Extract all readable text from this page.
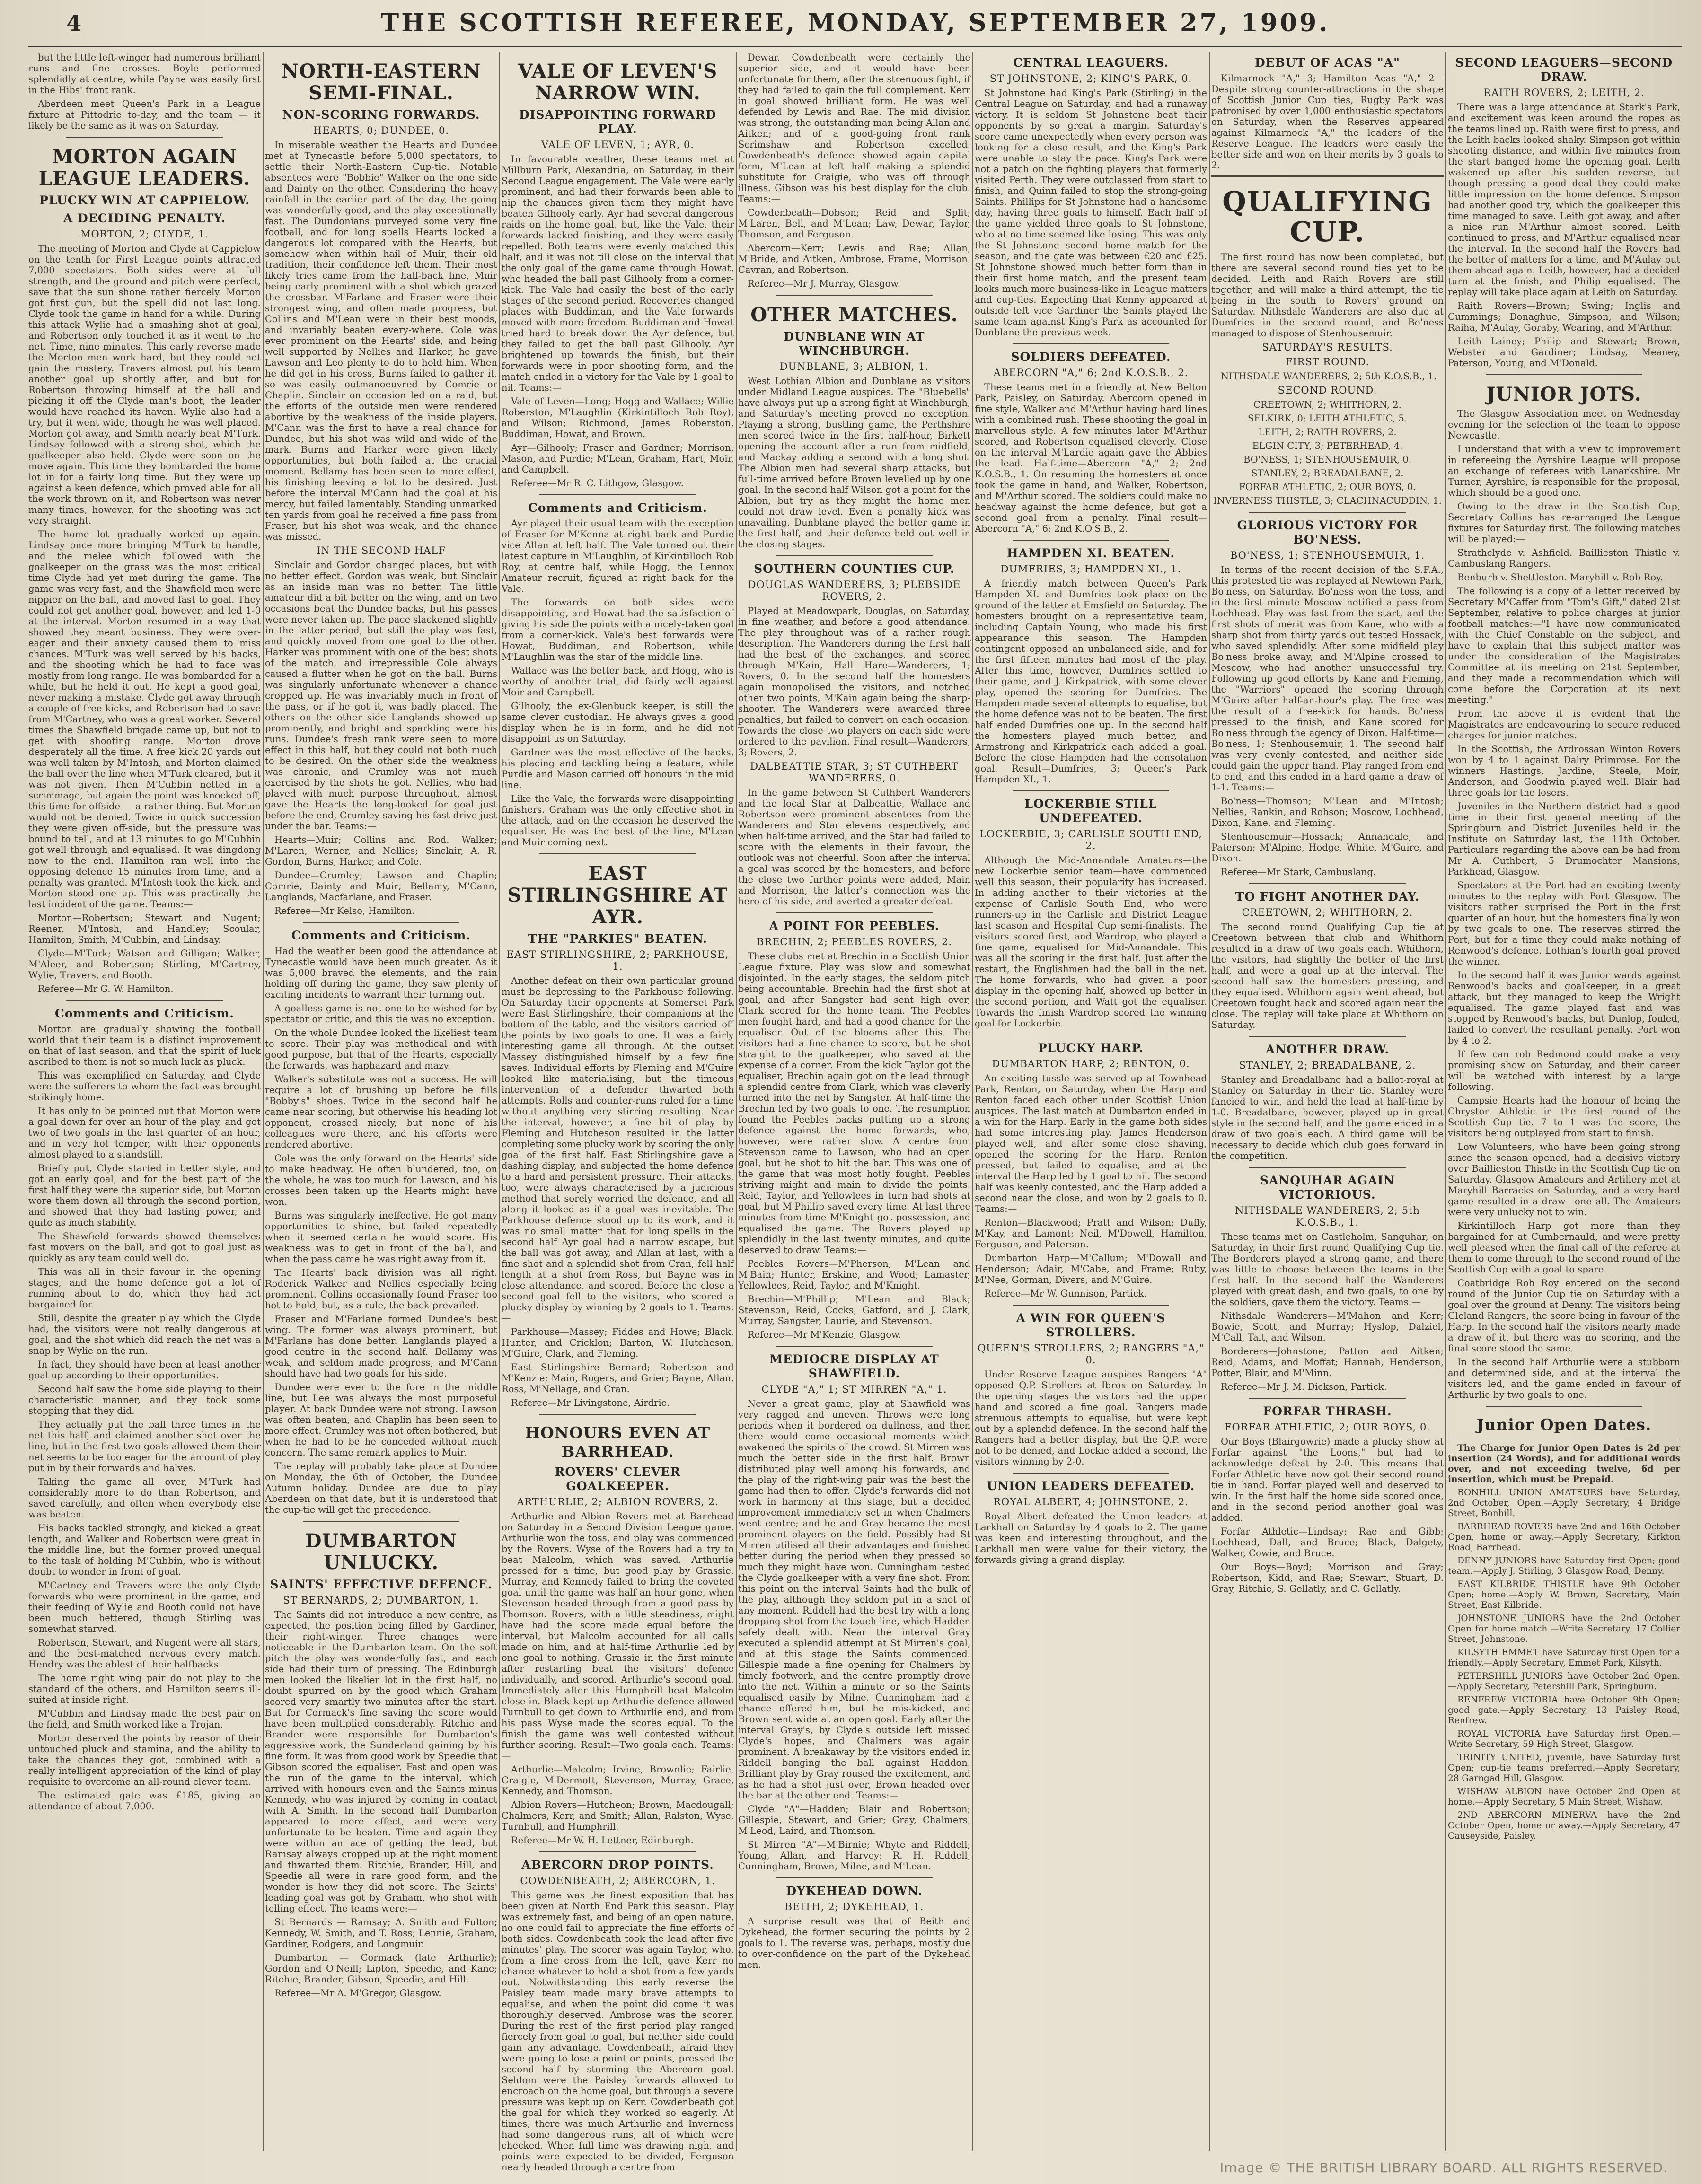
4	THE SCOTTISH REFEREE, MONDAY, SEPTEMBER 27, 1909.

but the little left-winger had numerous brilliant runs and fine crosses. Boyle performed splendidly at centre, while Payne was easily first in the Hibs' front rank.

Aberdeen meet Queen's Park in a League fixture at Pittodrie to-day, and the team — it likely be the same as it was on Saturday.

MORTON AGAIN LEAGUE LEADERS.
PLUCKY WIN AT CAPPIELOW.
A DECIDING PENALTY.
MORTON, 2; CLYDE, 1.

The meeting of Morton and Clyde at Cappielow on the tenth for First League points attracted 7,000 spectators. Both sides were at full strength, and the ground and pitch were perfect, save that the sun shone rather fiercely. Morton got first gun, but the spell did not last long. Clyde took the game in hand for a while. During this attack Wylie had a smashing shot at goal, and Robertson only touched it as it went to the net. Time, nine minutes. This early reverse made the Morton men work hard, but they could not gain the mastery. Travers almost put his team another goal up shortly after, and but for Robertson throwing himself at the ball and picking it off the Clyde man's boot, the leader would have reached its haven. Wylie also had a try, but it went wide, though he was well placed. Morton got away, and Smith nearly beat M'Turk. Lindsay followed with a strong shot, which the goalkeeper also held. Clyde were soon on the move again. This time they bombarded the home lot in for a fairly long time. But they were up against a keen defence, which proved able for all the work thrown on it, and Robertson was never many times, however, for the shooting was not very straight.

The home lot gradually worked up again. Lindsay once more bringing M'Turk to handle, and the melee which followed with the goalkeeper on the grass was the most critical time Clyde had yet met during the game. The game was very fast, and the Shawfield men were nippier on the ball, and moved fast to goal. They could not get another goal, however, and led 1-0 at the interval. Morton resumed in a way that showed they meant business. They were over-eager and their anxiety caused them to miss chances. M'Turk was well served by his backs, and the shooting which he had to face was mostly from long range. He was bombarded for a while, but he held it out. He kept a good goal, never making a mistake. Clyde got away through a couple of free kicks, and Robertson had to save from M'Cartney, who was a great worker. Several times the Shawfield brigade came up, but not to get with shooting range. Morton drove desperately all the time. A free kick 20 yards out was well taken by M'Intosh, and Morton claimed the ball over the line when M'Turk cleared, but it was not given. Then M'Cubbin netted in a scrimmage, but again the point was knocked off, this time for offside — a rather thing. But Morton would not be denied. Twice in quick succession they were given off-side, but the pressure was bound to tell, and at 13 minutes to go M'Cubbin got well through and equalised. It was dingdong now to the end. Hamilton ran well into the opposing defence 15 minutes from time, and a penalty was granted. M'Intosh took the kick, and Morton stood one up. This was practically the last incident of the game. Teams:—

Morton—Robertson; Stewart and Nugent; Reener, M'Intosh, and Handley; Scoular, Hamilton, Smith, M'Cubbin, and Lindsay.

Clyde—M'Turk; Watson and Gilligan; Walker, M'Aleer, and Robertson; Stirling, M'Cartney, Wylie, Travers, and Booth.

Referee—Mr G. W. Hamilton.

Comments and Criticism.

Morton are gradually showing the football world that their team is a distinct improvement on that of last season, and that the spirit of luck ascribed to them is not so much luck as pluck.

This was exemplified on Saturday, and Clyde were the sufferers to whom the fact was brought strikingly home.

It has only to be pointed out that Morton were a goal down for over an hour of the play, and got two of two goals in the last quarter of an hour, and in very hot temper, with their opponents almost played to a standstill.

Briefly put, Clyde started in better style, and got an early goal, and for the best part of the first half they were the superior side, but Morton wore them down all through the second portion, and showed that they had lasting power, and quite as much stability.

The Shawfield forwards showed themselves fast movers on the ball, and got to goal just as quickly as any team could well do.

This was all in their favour in the opening stages, and the home defence got a lot of running about to do, which they had not bargained for.

Still, despite the greater play which the Clyde had, the visitors were not really dangerous at goal, and the shot which did reach the net was a snap by Wylie on the run.

In fact, they should have been at least another goal up according to their opportunities.

Second half saw the home side playing to their characteristic manner, and they took some stopping that they did.

They actually put the ball three times in the net this half, and claimed another shot over the line, but in the first two goals allowed them their net seems to be too eager for the amount of play put in by their forwards and halves.

Taking the game all over, M'Turk had considerably more to do than Robertson, and saved carefully, and often when everybody else was beaten.

His backs tackled strongly, and kicked a great length, and Walker and Robertson were great in the middle line, but the former proved unequal to the task of holding M'Cubbin, who is without doubt to wonder in front of goal.

M'Cartney and Travers were the only Clyde forwards who were prominent in the game, and their feeding of Wylie and Booth could not have been much bettered, though Stirling was somewhat starved.

Robertson, Stewart, and Nugent were all stars, and the best-matched nervous every match. Hendry was the ablest of their halfbacks.

The home right wing pair do not play to the standard of the others, and Hamilton seems ill-suited at inside right.

M'Cubbin and Lindsay made the best pair on the field, and Smith worked like a Trojan.

Morton deserved the points by reason of their untouched pluck and stamina, and the ability to take the chances they got, combined with a really intelligent appreciation of the kind of play requisite to overcome an all-round clever team.

The estimated gate was £185, giving an attendance of about 7,000.

NORTH-EASTERN SEMI-FINAL.
NON-SCORING FORWARDS.
HEARTS, 0; DUNDEE, 0.

In miserable weather the Hearts and Dundee met at Tynecastle before 5,000 spectators, to settle their North-Eastern Cup-tie. Notable absentees were "Bobbie" Walker on the one side and Dainty on the other. Considering the heavy rainfall in the earlier part of the day, the going was wonderfully good, and the play exceptionally fast. The Dundonians purveyed some very fine football, and for long spells Hearts looked a dangerous lot compared with the Hearts, but somehow when within hail of Muir, their old tradition, their confidence left them. Their most likely tries came from the half-back line, Muir being early prominent with a shot which grazed the crossbar. M'Farlane and Fraser were their strongest wing, and often made progress, but Collins and M'Lean were in their best moods, and invariably beaten every-where. Cole was ever prominent on the Hearts' side, and being well supported by Nellies and Harker, he gave Lawson and Leo plenty to do to hold him. When he did get in his cross, Burns failed to gather it, so was easily outmanoeuvred by Comrie or Chaplin. Sinclair on occasion led on a raid, but the efforts of the outside men were rendered abortive by the weakness of the inside players. M'Cann was the first to have a real chance for Dundee, but his shot was wild and wide of the mark. Burns and Harker were given likely opportunities, but both failed at the crucial moment. Bellamy has been seen to more effect, his finishing leaving a lot to be desired. Just before the interval M'Cann had the goal at his mercy, but failed lamentably. Standing unmarked ten yards from goal he received a fine pass from Fraser, but his shot was weak, and the chance was missed.

IN THE SECOND HALF

Sinclair and Gordon changed places, but with no better effect. Gordon was weak, but Sinclair as an inside man was no better. The little amateur did a bit better on the wing, and on two occasions beat the Dundee backs, but his passes were never taken up. The pace slackened slightly in the latter period, but still the play was fast, and quickly moved from one goal to the other. Harker was prominent with one of the best shots of the match, and irrepressible Cole always caused a flutter when he got on the ball. Burns was singularly unfortunate whenever a chance cropped up. He was invariably much in front of the pass, or if he got it, was badly placed. The others on the other side Langlands showed up prominently, and bright and sparkling were his runs. Dundee's fresh rank were seen to more effect in this half, but they could not both much to be desired. On the other side the weakness was chronic, and Crumley was not much exercised by the shots he got. Nellies, who had played with much purpose throughout, almost gave the Hearts the long-looked for goal just before the end, Crumley saving his fast drive just under the bar. Teams:—

Hearts—Muir; Collins and Rod. Walker; M'Laren, Werner, and Nellies; Sinclair, A. R. Gordon, Burns, Harker, and Cole.

Dundee—Crumley; Lawson and Chaplin; Comrie, Dainty and Muir; Bellamy, M'Cann, Langlands, Macfarlane, and Fraser.

Referee—Mr Kelso, Hamilton.

Comments and Criticism.

Had the weather been good the attendance at Tynecastle would have been much greater. As it was 5,000 braved the elements, and the rain holding off during the game, they saw plenty of exciting incidents to warrant their turning out.

A goalless game is not one to be wished for by spectator or critic, and this tie was no exception.

On the whole Dundee looked the likeliest team to score. Their play was methodical and with good purpose, but that of the Hearts, especially the forwards, was haphazard and mazy.

Walker's substitute was not a success. He will require a lot of brushing up before he fills "Bobby's" shoes. Twice in the second half he came near scoring, but otherwise his heading lot opponent, crossed nicely, but none of his colleagues were there, and his efforts were rendered abortive.

Cole was the only forward on the Hearts' side to make headway. He often blundered, too, on the whole, he was too much for Lawson, and his crosses been taken up the Hearts might have won.

Burns was singularly ineffective. He got many opportunities to shine, but failed repeatedly when it seemed certain he would score. His weakness was to get in front of the ball, and when the pass came he was right away from it.

The Hearts' back division was all right. Roderick Walker and Nellies especially being prominent. Collins occasionally found Fraser too hot to hold, but, as a rule, the back prevailed.

Fraser and M'Farlane formed Dundee's best wing. The former was always prominent, but M'Farlane has done better. Langlands played a good centre in the second half. Bellamy was weak, and seldom made progress, and M'Cann should have had two goals for his side.

Dundee were ever to the fore in the middle line, but Lee was always the most purposeful player. At back Dundee were not strong. Lawson was often beaten, and Chaplin has been seen to more effect. Crumley was not often bothered, but when he had to be he conceded without much concern. The same remark applies to Muir.

The replay will probably take place at Dundee on Monday, the 6th of October, the Dundee Autumn holiday. Dundee are due to play Aberdeen on that date, but it is understood that the cup-tie will get the precedence.

DUMBARTON UNLUCKY.
SAINTS' EFFECTIVE DEFENCE.
ST BERNARDS, 2; DUMBARTON, 1.

The Saints did not introduce a new centre, as expected, the position being filled by Gardiner, their right-winger. Three changes were noticeable in the Dumbarton team. On the soft pitch the play was wonderfully fast, and each side had their turn of pressing. The Edinburgh men looked the likelier lot in the first half, no doubt spurred on by the good which Graham scored very smartly two minutes after the start. But for Cormack's fine saving the score would have been multiplied considerably. Ritchie and Brander were responsible for Dumbarton's aggressive work, the Sunderland gaining by his fine form. It was from good work by Speedie that Gibson scored the equaliser. Fast and open was the run of the game to the interval, which arrived with honours even and the Saints minus Kennedy, who was injured by coming in contact with A. Smith. In the second half Dumbarton appeared to more effect, and were very unfortunate to be beaten. Time and again they were within an ace of getting the lead, but Ramsay always cropped up at the right moment and thwarted them. Ritchie, Brander, Hill, and Speedie all were in rare good form, and the wonder is how they did not score. The Saints' leading goal was got by Graham, who shot with telling effect. The teams were:—

St Bernards — Ramsay; A. Smith and Fulton; Kennedy, W. Smith, and T. Ross; Lennie, Graham, Gardiner, Rodgers, and Longmuir.

Dumbarton — Cormack (late Arthurlie); Gordon and O'Neill; Lipton, Speedie, and Kane; Ritchie, Brander, Gibson, Speedie, and Hill.

Referee—Mr A. M'Gregor, Glasgow.

VALE OF LEVEN'S NARROW WIN.
DISAPPOINTING FORWARD PLAY.
VALE OF LEVEN, 1; AYR, 0.

In favourable weather, these teams met at Millburn Park, Alexandria, on Saturday, in their Second League engagement. The Vale were early prominent, and had their forwards been able to nip the chances given them they might have beaten Gilhooly early. Ayr had several dangerous raids on the home goal, but, like the Vale, their forwards lacked finishing, and they were easily repelled. Both teams were evenly matched this half, and it was not till close on the interval that the only goal of the game came through Howat, who headed the ball past Gilhooly from a corner-kick. The Vale had easily the best of the early stages of the second period. Recoveries changed places with Buddiman, and the Vale forwards moved with more freedom. Buddiman and Howat tried hard to break down the Ayr defence, but they failed to get the ball past Gilhooly. Ayr brightened up towards the finish, but their forwards were in poor shooting form, and the match ended in a victory for the Vale by 1 goal to nil. Teams:—

Vale of Leven—Long; Hogg and Wallace; Willie Roberston, M'Laughlin (Kirkintilloch Rob Roy), and Wilson; Richmond, James Roberston, Buddiman, Howat, and Brown.

Ayr—Gilhooly; Fraser and Gardner; Morrison, Mason, and Purdie; M'Lean, Graham, Hart, Moir, and Campbell.

Referee—Mr R. C. Lithgow, Glasgow.

Comments and Criticism.

Ayr played their usual team with the exception of Fraser for M'Kenna at right back and Purdie vice Allan at left half. The Vale turned out their latest capture in M'Laughlin, of Kirkintilloch Rob Roy, at centre half, while Hogg, the Lennox Amateur recruit, figured at right back for the Vale.

The forwards on both sides were disappointing, and Howat had the satisfaction of giving his side the points with a nicely-taken goal from a corner-kick. Vale's best forwards were Howat, Buddiman, and Robertson, while M'Laughlin was the star of the middle line.

Wallace was the better back, and Hogg, who is worthy of another trial, did fairly well against Moir and Campbell.

Gilhooly, the ex-Glenbuck keeper, is still the same clever custodian. He always gives a good display when he is in form, and he did not disappoint us on Saturday.

Gardner was the most effective of the backs, his placing and tackling being a feature, while Purdie and Mason carried off honours in the mid line.

Like the Vale, the forwards were disappointing finishers. Graham was the only effective shot in the attack, and on the occasion he deserved the equaliser. He was the best of the line, M'Lean and Muir coming next.

EAST STIRLINGSHIRE AT AYR.
THE "PARKIES" BEATEN.
EAST STIRLINGSHIRE, 2; PARKHOUSE, 1.

Another defeat on their own particular ground must be depressing to the Parkhouse following. On Saturday their opponents at Somerset Park were East Stirlingshire, their companions at the bottom of the table, and the visitors carried off the points by two goals to one. It was a fairly interesting game all through. At the outset Massey distinguished himself by a few fine saves. Individual efforts by Fleming and M'Guire looked like materialising, but the timeous intervention of a defender thwarted both attempts. Rolls and counter-runs ruled for a time without anything very stirring resulting. Near the interval, however, a fine bit of play by Fleming and Hutcheson resulted in the latter completing some plucky work by scoring the only goal of the first half. East Stirlingshire gave a dashing display, and subjected the home defence to a hard and persistent pressure. Their attacks, too, were always characterised by a judicious method that sorely worried the defence, and all along it looked as if a goal was inevitable. The Parkhouse defence stood up to its work, and it was no small matter that for long spells in the second half Ayr goal had a narrow escape, but the ball was got away, and Allan at last, with a fine shot and a splendid shot from Cran, fell half length at a shot from Ross, but Bayne was in close attendance, and scored. Before the close a second goal fell to the visitors, who scored a plucky display by winning by 2 goals to 1. Teams:—

Parkhouse—Massey; Fiddes and Howe; Black, Hunter, and Cricklon; Barton, W. Hutcheson, M'Guire, Clark, and Fleming.

East Stirlingshire—Bernard; Robertson and M'Kenzie; Main, Rogers, and Grier; Bayne, Allan, Ross, M'Nellage, and Cran.

Referee—Mr Livingstone, Airdrie.

HONOURS EVEN AT BARRHEAD.
ROVERS' CLEVER GOALKEEPER.
ARTHURLIE, 2; ALBION ROVERS, 2.

Arthurlie and Albion Rovers met at Barrhead on Saturday in a Second Division League game. Arthurlie won the toss, and play was commenced by the Rovers. Wyse of the Rovers had a try to beat Malcolm, which was saved. Arthurlie pressed for a time, but good play by Grassie, Murray, and Kennedy failed to bring the coveted goal until the game was half an hour gone, when Stevenson headed through from a good pass by Thomson. Rovers, with a little steadiness, might have had the score made equal before the interval, but Malcolm accounted for all calls made on him, and at half-time Arthurlie led by one goal to nothing. Grassie in the first minute after restarting beat the visitors' defence individually, and scored. Arthurlie's second goal. Immediately after this Humphrill beat Malcolm close in. Black kept up Arthurlie defence allowed Turnbull to get down to Arthurlie end, and from his pass Wyse made the scores equal. To the finish the game was well contested without further scoring. Result—Two goals each. Teams:—

Arthurlie—Malcolm; Irvine, Brownlie; Fairlie, Craigie, M'Dermott, Stevenson, Murray, Grace, Kennedy, and Thomson.

Albion Rovers—Hutcheon; Brown, Macdougall; Chalmers, Kerr, and Smith; Allan, Ralston, Wyse, Turnbull, and Humphrill.

Referee—Mr W. H. Lettner, Edinburgh.

ABERCORN DROP POINTS.
COWDENBEATH, 2; ABERCORN, 1.

This game was the finest exposition that has been given at North End Park this season. Play was extremely fast, and being of an open nature, no one could fail to appreciate the fine efforts of both sides. Cowdenbeath took the lead after five minutes' play. The scorer was again Taylor, who, from a fine cross from the left, gave Kerr no chance whatever to hold a shot from a few yards out. Notwithstanding this early reverse the Paisley team made many brave attempts to equalise, and when the point did come it was thoroughly deserved. Ambrose was the scorer. During the rest of the first period play ranged fiercely from goal to goal, but neither side could gain any advantage. Cowdenbeath, afraid they were going to lose a point or points, pressed the second half by storming the Abercorn goal. Seldom were the Paisley forwards allowed to encroach on the home goal, but through a severe pressure was kept up on Kerr. Cowdenbeath got the goal for which they worked so eagerly. At times, there was much Arthurlie and Inverness had some dangerous runs, all of which were checked. When full time was drawing nigh, and points were expected to be divided, Ferguson nearly headed through a centre from

Dewar. Cowdenbeath were certainly the superior side, and it would have been unfortunate for them, after the strenuous fight, if they had failed to gain the full complement. Kerr in goal showed brilliant form. He was well defended by Lewis and Rae. The mid division was strong, the outstanding man being Allan and Aitken; and of a good-going front rank Scrimshaw and Robertson excelled. Cowdenbeath's defence showed again capital form, M'Lean at left half making a splendid substitute for Craigie, who was off through illness. Gibson was his best display for the club. Teams:—

Cowdenbeath—Dobson; Reid and Split; M'Laren, Bell, and M'Lean; Law, Dewar, Taylor, Thomson, and Ferguson.

Abercorn—Kerr; Lewis and Rae; Allan, M'Bride, and Aitken, Ambrose, Frame, Morrison, Cavran, and Robertson.

Referee—Mr J. Murray, Glasgow.

OTHER MATCHES.
DUNBLANE WIN AT WINCHBURGH.
DUNBLANE, 3; ALBION, 1.

West Lothian Albion and Dunblane as visitors under Midland League auspices. The "Bluebells" have always put up a strong fight at Winchburgh, and Saturday's meeting proved no exception. Playing a strong, bustling game, the Perthshire men scored twice in the first half-hour, Birkett opening the account after a run from midfield, and Mackay adding a second with a long shot. The Albion men had several sharp attacks, but full-time arrived before Brown levelled up by one goal. In the second half Wilson got a point for the Albion, but try as they might the home men could not draw level. Even a penalty kick was unavailing. Dunblane played the better game in the first half, and their defence held out well in the closing stages.

SOUTHERN COUNTIES CUP.
DOUGLAS WANDERERS, 3; PLEBSIDE ROVERS, 2.

Played at Meadowpark, Douglas, on Saturday, in fine weather, and before a good attendance. The play throughout was of a rather rough description. The Wanderers during the first half had the best of the exchanges, and scored through M'Kain, Hall Hare—Wanderers, 1; Rovers, 0. In the second half the homesters again monopolised the visitors, and notched other two points, M'Kain again being the sharp-shooter. The Wanderers were awarded three penalties, but failed to convert on each occasion. Towards the close two players on each side were ordered to the pavilion. Final result—Wanderers, 3; Rovers, 2.

DALBEATTIE STAR, 3; ST CUTHBERT WANDERERS, 0.

In the game between St Cuthbert Wanderers and the local Star at Dalbeattie, Wallace and Robertson were prominent absentees from the Wanderers and Star elevens respectively, and when half-time arrived, and the Star had failed to score with the elements in their favour, the outlook was not cheerful. Soon after the interval a goal was scored by the homesters, and before the close two further points were added, Main and Morrison, the latter's connection was the hero of his side, and averted a greater defeat.

A POINT FOR PEEBLES.
BRECHIN, 2; PEEBLES ROVERS, 2.

These clubs met at Brechin in a Scottish Union League fixture. Play was slow and somewhat disjointed. In the early stages, the seldom pitch being accountable. Brechin had the first shot at goal, and after Sangster had sent high over, Clark scored for the home team. The Peebles men fought hard, and had a good chance for the equaliser. Out of the blooms after this. The visitors had a fine chance to score, but he shot straight to the goalkeeper, who saved at the expense of a corner. From the kick Taylor got the equaliser, Brechin again got on the lead through a splendid centre from Clark, which was cleverly turned into the net by Sangster. At half-time the Brechin led by two goals to one. The resumption found the Peebles backs putting up a strong defence against the home forwards, who, however, were rather slow. A centre from Stevenson came to Lawson, who had an open goal, but he shot to hit the bar. This was one of the game that was most hotly fought. Peebles striving might and main to divide the points. Reid, Taylor, and Yellowlees in turn had shots at goal, but M'Phillip saved every time. At last three minutes from time M'Knight got possession, and equalised the game. The Rovers played up splendidly in the last twenty minutes, and quite deserved to draw. Teams:—

Peebles Rovers—M'Pherson; M'Lean and M'Bain; Hunter, Erskine, and Wood; Lamaster, Yellowlees, Reid, Taylor, and M'Knight.

Brechin—M'Phillip; M'Lean and Black; Stevenson, Reid, Cocks, Gatford, and J. Clark, Murray, Sangster, Laurie, and Stevenson.

Referee—Mr M'Kenzie, Glasgow.

MEDIOCRE DISPLAY AT SHAWFIELD.
CLYDE "A," 1; ST MIRREN "A," 1.

Never a great game, play at Shawfield was very ragged and uneven. Throws were long periods when it bordered on dullness, and then there would come occasional moments which awakened the spirits of the crowd. St Mirren was much the better side in the first half. Brown distributed play well among his forwards, and the play of the right-wing pair was the best the game had then to offer. Clyde's forwards did not work in harmony at this stage, but a decided improvement immediately set in when Chalmers went centre; and he and Gray became the most prominent players on the field. Possibly had St Mirren utilised all their advantages and finished better during the period when they pressed so much they might have won. Cunningham tested the Clyde goalkeeper with a very fine shot. From this point on the interval Saints had the bulk of the play, although they seldom put in a shot of any moment. Riddell had the best try with a long dropping shot from the touch line, which Hadden safely dealt with. Near the interval Gray executed a splendid attempt at St Mirren's goal, and at this stage the Saints commenced. Gillespie made a fine opening for Chalmers by timely footwork, and the centre promptly drove into the net. Within a minute or so the Saints equalised easily by Milne. Cunningham had a chance offered him, but he mis-kicked, and Brown sent wide at an open goal. Early after the interval Gray's, by Clyde's outside left missed Clyde's hopes, and Chalmers was again prominent. A breakaway by the visitors ended in Riddell banging the ball against Haddon. Brilliant play by Gray roused the excitement, and as he had a shot just over, Brown headed over the bar at the other end. Teams:—

Clyde "A"—Hadden; Blair and Robertson; Gillespie, Stewart, and Grier; Gray, Chalmers, M'Leod, Laird, and Thomson.

St Mirren "A"—M'Birnie; Whyte and Riddell; Young, Allan, and Harvey; R. H. Riddell, Cunningham, Brown, Milne, and M'Lean.

DYKEHEAD DOWN.
BEITH, 2; DYKEHEAD, 1.

A surprise result was that of Beith and Dykehead, the former securing the points by 2 goals to 1. The reverse was, perhaps, mostly due to over-confidence on the part of the Dykehead men.

CENTRAL LEAGUERS.
ST JOHNSTONE, 2; KING'S PARK, 0.

St Johnstone had King's Park (Stirling) in the Central League on Saturday, and had a runaway victory. It is seldom St Johnstone beat their opponents by so great a margin. Saturday's score came unexpectedly when every person was looking for a close result, and the King's Park were unable to stay the pace. King's Park were not a patch on the fighting players that formerly visited Perth. They were outclassed from start to finish, and Quinn failed to stop the strong-going Saints. Phillips for St Johnstone had a handsome day, having three goals to himself. Each half of the game yielded three goals to St Johnstone, who at no time seemed like losing. This was only the St Johnstone second home match for the season, and the gate was between £20 and £25. St Johnstone showed much better form than in their first home match, and the present team looks much more business-like in League matters and cup-ties. Expecting that Kenny appeared at outside left vice Gardiner the Saints played the same team against King's Park as accounted for Dunblane the previous week.

SOLDIERS DEFEATED.
ABERCORN "A," 6; 2nd K.O.S.B., 2.

These teams met in a friendly at New Belton Park, Paisley, on Saturday. Abercorn opened in fine style, Walker and M'Arthur having hard lines with a combined rush. These shooting the goal in marvellous style. A few minutes later M'Arthur scored, and Robertson equalised cleverly. Close on the interval M'Lardie again gave the Abbies the lead. Half-time—Abercorn "A," 2; 2nd K.O.S.B., 1. On resuming the homesters at once took the game in hand, and Walker, Robertson, and M'Arthur scored. The soldiers could make no headway against the home defence, but got a second goal from a penalty. Final result—Abercorn "A," 6; 2nd K.O.S.B., 2.

HAMPDEN XI. BEATEN.
DUMFRIES, 3; HAMPDEN XI., 1.

A friendly match between Queen's Park Hampden XI. and Dumfries took place on the ground of the latter at Emsfield on Saturday. The homesters brought on a representative team, including Captain Young, who made his first appearance this season. The Hampden contingent opposed an unbalanced side, and for the first fifteen minutes had most of the play. After this time, however, Dumfries settled to their game, and J. Kirkpatrick, with some clever play, opened the scoring for Dumfries. The Hampden made several attempts to equalise, but the home defence was not to be beaten. The first half ended Dumfries one up. In the second half the homesters played much better, and Armstrong and Kirkpatrick each added a goal. Before the close Hampden had the consolation goal. Result—Dumfries, 3; Queen's Park Hampden XI., 1.

LOCKERBIE STILL UNDEFEATED.
LOCKERBIE, 3; CARLISLE SOUTH END, 2.

Although the Mid-Annandale Amateurs—the new Lockerbie senior team—have commenced well this season, their popularity has increased. In adding another to their victories at the expense of Carlisle South End, who were runners-up in the Carlisle and District League last season and Hospital Cup semi-finalists. The visitors scored first, and Wardrop, who played a fine game, equalised for Mid-Annandale. This was all the scoring in the first half. Just after the restart, the Englishmen had the ball in the net. The home forwards, who had given a poor display in the opening half, showed up better in the second portion, and Watt got the equaliser. Towards the finish Wardrop scored the winning goal for Lockerbie.

PLUCKY HARP.
DUMBARTON HARP, 2; RENTON, 0.

An exciting tussle was served up at Townhead Park, Renton, on Saturday, when the Harp and Renton faced each other under Scottish Union auspices. The last match at Dumbarton ended in a win for the Harp. Early in the game both sides had some interesting play. James Henderson played well, and after some close shaving, opened the scoring for the Harp. Renton pressed, but failed to equalise, and at the interval the Harp led by 1 goal to nil. The second half was keenly contested, and the Harp added a second near the close, and won by 2 goals to 0. Teams:—

Renton—Blackwood; Pratt and Wilson; Duffy, M'Kay, and Lamont; Neil, M'Dowell, Hamilton, Ferguson, and Paterson.

Dumbarton Harp—M'Callum; M'Dowall and Henderson; Adair, M'Cabe, and Frame; Ruby, M'Nee, Gorman, Divers, and M'Guire.

Referee—Mr W. Gunnison, Partick.

A WIN FOR QUEEN'S STROLLERS.
QUEEN'S STROLLERS, 2; RANGERS "A," 0.

Under Reserve League auspices Rangers "A" opposed Q.P. Strollers at Ibrox on Saturday. In the opening stages the visitors had the upper hand and scored a fine goal. Rangers made strenuous attempts to equalise, but were kept out by a splendid defence. In the second half the Rangers had a better display, but the Q.P. were not to be denied, and Lockie added a second, the visitors winning by 2-0.

UNION LEADERS DEFEATED.
ROYAL ALBERT, 4; JOHNSTONE, 2.

Royal Albert defeated the Union leaders at Larkhall on Saturday by 4 goals to 2. The game was keen and interesting throughout, and the Larkhall men were value for their victory, the forwards giving a grand display.

DEBUT OF ACAS "A"

Kilmarnock "A," 3; Hamilton Acas "A," 2—Despite strong counter-attractions in the shape of Scottish Junior Cup ties, Rugby Park was patronised by over 1,000 enthusiastic spectators on Saturday, when the Reserves appeared against Kilmarnock "A," the leaders of the Reserve League. The leaders were easily the better side and won on their merits by 3 goals to 2.

QUALIFYING CUP.

The first round has now been completed, but there are several second round ties yet to be decided. Leith and Raith Rovers are still together, and will make a third attempt, the tie being in the south to Rovers' ground on Saturday. Nithsdale Wanderers are also due at Dumfries in the second round, and Bo'ness managed to dispose of Stenhousemuir.

SATURDAY'S RESULTS.
FIRST ROUND.

NITHSDALE WANDERERS, 2; 5th K.O.S.B., 1.

SECOND ROUND.

CREETOWN, 2; WHITHORN, 2.

SELKIRK, 0; LEITH ATHLETIC, 5.

LEITH, 2; RAITH ROVERS, 2.

ELGIN CITY, 3; PETERHEAD, 4.

BO'NESS, 1; STENHOUSEMUIR, 0.

STANLEY, 2; BREADALBANE, 2.

FORFAR ATHLETIC, 2; OUR BOYS, 0.

INVERNESS THISTLE, 3; CLACHNACUDDIN, 1.

GLORIOUS VICTORY FOR BO'NESS.
BO'NESS, 1; STENHOUSEMUIR, 1.

In terms of the recent decision of the S.F.A., this protested tie was replayed at Newtown Park, Bo'ness, on Saturday. Bo'ness won the toss, and in the first minute Moscow notified a pass from Lochhead. Play was fast from the start, and the first shots of merit was from Kane, who with a sharp shot from thirty yards out tested Hossack, who saved splendidly. After some midfield play Bo'ness broke away, and M'Alpine crossed to Moscow, who had another unsuccessful try. Following up good efforts by Kane and Fleming, the "Warriors" opened the scoring through M'Guire after half-an-hour's play. The free was the result of a free-kick for hands. Bo'ness pressed to the finish, and Kane scored for Bo'ness through the agency of Dixon. Half-time—Bo'ness, 1; Stenhousemuir, 1. The second half was very evenly contested, and neither side could gain the upper hand. Play ranged from end to end, and this ended in a hard game a draw of 1-1. Teams:—

Bo'ness—Thomson; M'Lean and M'Intosh; Nellies, Rankin, and Robson; Moscow, Lochhead, Dixon, Kane, and Fleming.

Stenhousemuir—Hossack; Annandale, and Paterson; M'Alpine, Hodge, White, M'Guire, and Dixon.

Referee—Mr Stark, Cambuslang.

TO FIGHT ANOTHER DAY.
CREETOWN, 2; WHITHORN, 2.

The second round Qualifying Cup tie at Creetown between that club and Whithorn resulted in a draw of two goals each. Whithorn, the visitors, had slightly the better of the first half, and were a goal up at the interval. The second half saw the homesters pressing, and they equalised. Whithorn again went ahead, but Creetown fought back and scored again near the close. The replay will take place at Whithorn on Saturday.

ANOTHER DRAW.
STANLEY, 2; BREADALBANE, 2.

Stanley and Breadalbane had a ballot-royal at Stanley on Saturday in their tie. Stanley were fancied to win, and held the lead at half-time by 1-0. Breadalbane, however, played up in great style in the second half, and the game ended in a draw of two goals each. A third game will be necessary to decide which club goes forward in the competition.

SANQUHAR AGAIN VICTORIOUS.
NITHSDALE WANDERERS, 2; 5th K.O.S.B., 1.

These teams met on Castleholm, Sanquhar, on Saturday, in their first round Qualifying Cup tie. The Borderers played a strong game, and there was little to choose between the teams in the first half. In the second half the Wanderers played with great dash, and two goals, to one by the soldiers, gave them the victory. Teams:—

Nithsdale Wanderers—M'Mahon and Kerr; Bowie, Scott, and Murray; Hyslop, Dalziel, M'Call, Tait, and Wilson.

Borderers—Johnstone; Patton and Aitken; Reid, Adams, and Moffat; Hannah, Henderson, Potter, Blair, and M'Minn.

Referee—Mr J. M. Dickson, Partick.

FORFAR THRASH.
FORFAR ATHLETIC, 2; OUR BOYS, 0.

Our Boys (Blairgowrie) made a plucky show at Forfar against "the Loons," but had to acknowledge defeat by 2-0. This means that Forfar Athletic have now got their second round tie in hand. Forfar played well and deserved to win. In the first half the home side scored once, and in the second period another goal was added.

Forfar Athletic—Lindsay; Rae and Gibb; Lochhead, Dall, and Bruce; Black, Dalgety, Walker, Cowie, and Bruce.

Our Boys—Boyd; Morrison and Gray; Robertson, Kidd, and Rae; Stewart, Stuart, D. Gray, Ritchie, S. Gellatly, and C. Gellatly.

SECOND LEAGUERS—SECOND DRAW.
RAITH ROVERS, 2; LEITH, 2.

There was a large attendance at Stark's Park, and excitement was keen around the ropes as the teams lined up. Raith were first to press, and the Leith backs looked shaky. Simpson got within shooting distance, and within five minutes from the start banged home the opening goal. Leith wakened up after this sudden reverse, but though pressing a good deal they could make little impression on the home defence. Simpson had another good try, which the goalkeeper this time managed to save. Leith got away, and after a nice run M'Arthur almost scored. Leith continued to press, and M'Arthur equalised near the interval. In the second half the Rovers had the better of matters for a time, and M'Aulay put them ahead again. Leith, however, had a decided turn at the finish, and Philip equalised. The replay will take place again at Leith on Saturday.

Raith Rovers—Brown; Swing; Inglis and Cummings; Donaghue, Simpson, and Wilson; Raiha, M'Aulay, Goraby, Wearing, and M'Arthur.

Leith—Lainey; Philip and Stewart; Brown, Webster and Gardiner; Lindsay, Meaney, Paterson, Young, and M'Donald.

JUNIOR JOTS.

The Glasgow Association meet on Wednesday evening for the selection of the team to oppose Newcastle.

I understand that with a view to improvement in refereeing the Ayrshire League will propose an exchange of referees with Lanarkshire. Mr Turner, Ayrshire, is responsible for the proposal, which should be a good one.

Owing to the draw in the Scottish Cup, Secretary Collins has re-arranged the League fixtures for Saturday first. The following matches will be played:—

Strathclyde v. Ashfield. Baillieston Thistle v. Cambuslang Rangers.

Benburb v. Shettleston. Maryhill v. Rob Roy.

The following is a copy of a letter received by Secretary M'Caffer from "Tom's Gift," dated 21st September, relative to police charges at junior football matches:—"I have now communicated with the Chief Constable on the subject, and have to explain that this subject matter was under the consideration of the Magistrates Committee at its meeting on 21st September, and they made a recommendation which will come before the Corporation at its next meeting."

From the above it is evident that the Magistrates are endeavouring to secure reduced charges for junior matches.

In the Scottish, the Ardrossan Winton Rovers won by 4 to 1 against Dalry Primrose. For the winners Hastings, Jardine, Steele, Moir, Anderson, and Goodwin played well. Blair had three goals for the losers.

Juveniles in the Northern district had a good time in their first general meeting of the Springburn and District Juveniles held in the Institute on Saturday last, the 11th October. Particulars regarding the above can be had from Mr A. Cuthbert, 5 Drumochter Mansions, Parkhead, Glasgow.

Spectators at the Port had an exciting twenty minutes to the replay with Port Glasgow. The visitors rather surprised the Port in the first quarter of an hour, but the homesters finally won by two goals to one. The reserves stirred the Port, but for a time they could make nothing of Renwood's defence. Lothian's fourth goal proved the winner.

In the second half it was Junior wards against Renwood's backs and goalkeeper, in a great attack, but they managed to keep the Wright equalised. The game played fast and was stopped by Renwood's backs, but Dunlop, fouled, failed to convert the resultant penalty. Port won by 4 to 2.

If few can rob Redmond could make a very promising show on Saturday, and their career will be watched with interest by a large following.

Campsie Hearts had the honour of being the Chryston Athletic in the first round of the Scottish Cup tie. 7 to 1 was the score, the visitors being outplayed from start to finish.

Low Volunteers, who have been going strong since the season opened, had a decisive victory over Baillieston Thistle in the Scottish Cup tie on Saturday. Glasgow Amateurs and Artillery met at Maryhill Barracks on Saturday, and a very hard game resulted in a draw—one all. The Amateurs were very unlucky not to win.

Kirkintilloch Harp got more than they bargained for at Cumbernauld, and were pretty well pleased when the final call of the referee at them to come through to the second round of the Scottish Cup with a goal to spare.

Coatbridge Rob Roy entered on the second round of the Junior Cup tie on Saturday with a goal over the ground at Denny. The visitors being Gleland Rangers, the score being in favour of the Harp. In the second half the visitors nearly made a draw of it, but there was no scoring, and the final score stood the same.

In the second half Arthurlie were a stubborn and determined side, and at the interval the visitors led, and the game ended in favour of Arthurlie by two goals to one.

Junior Open Dates.

The Charge for Junior Open Dates is 2d per insertion (24 Words), and for additional words over, and not exceeding twelve, 6d per insertion, which must be Prepaid.

BONHILL UNION AMATEURS have Saturday, 2nd October, Open.—Apply Secretary, 4 Bridge Street, Bonhill.

BARRHEAD ROVERS have 2nd and 16th October Open, home or away.—Apply Secretary, Kirkton Road, Barrhead.

DENNY JUNIORS have Saturday first Open; good team.—Apply J. Stirling, 3 Glasgow Road, Denny.

EAST KILBRIDE THISTLE have 9th October Open; home.—Apply W. Brown, Secretary, Main Street, East Kilbride.

JOHNSTONE JUNIORS have the 2nd October Open for home match.—Write Secretary, 17 Collier Street, Johnstone.

KILSYTH EMMET have Saturday first Open for a friendly.—Apply Secretary, Emmet Park, Kilsyth.

PETERSHILL JUNIORS have October 2nd Open.—Apply Secretary, Petershill Park, Springburn.

RENFREW VICTORIA have October 9th Open; good gate.—Apply Secretary, 13 Paisley Road, Renfrew.

ROYAL VICTORIA have Saturday first Open.—Write Secretary, 59 High Street, Glasgow.

TRINITY UNITED, juvenile, have Saturday first Open; cup-tie teams preferred.—Apply Secretary, 28 Garngad Hill, Glasgow.

WISHAW ALBION have October 2nd Open at home.—Apply Secretary, 5 Main Street, Wishaw.

2ND ABERCORN MINERVA have the 2nd October Open, home or away.—Apply Secretary, 47 Causeyside, Paisley.

Image © THE BRITISH LIBRARY BOARD. ALL RIGHTS RESERVED.
